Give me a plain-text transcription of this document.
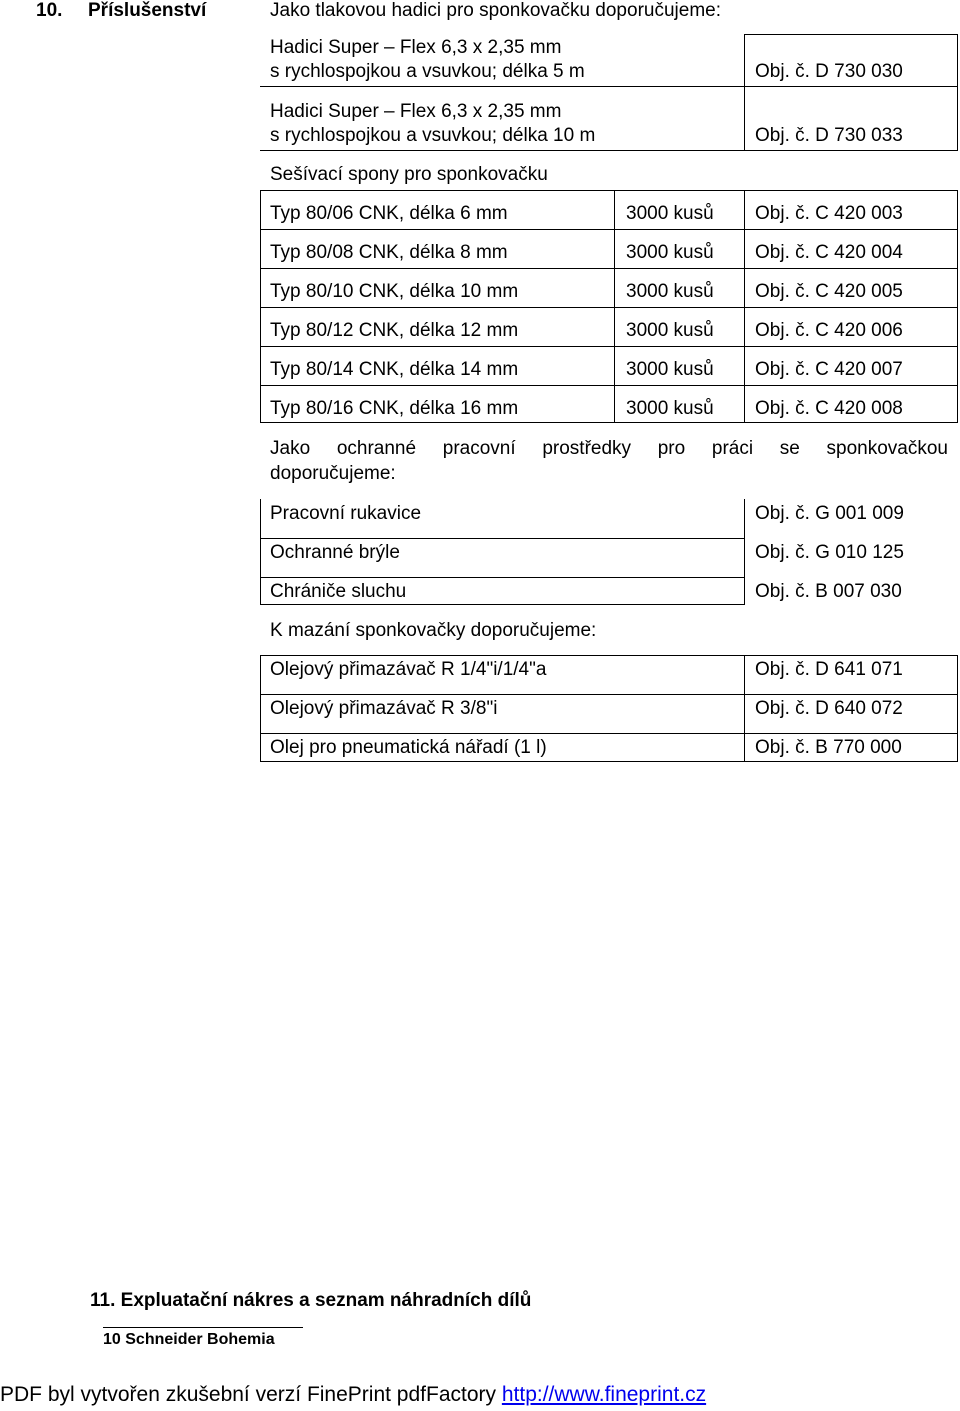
10. Příslušenství	Jako tlakovou hadici pro sponkovačku doporučujeme:
Hadici Super – Flex 6,3 x 2,35 mm
s rychlospojkou a vsuvkou; délka 5 m	Obj. č. D 730 030
Hadici Super – Flex 6,3 x 2,35 mm
s rychlospojkou a vsuvkou; délka 10 m	Obj. č. D 730 033
Sešívací spony pro sponkovačku
Typ 80/06 CNK, délka 6 mm	3000 kusů Obj. č. C 420 003
Typ 80/08 CNK, délka 8 mm	3000 kusů Obj. č. C 420 004
Typ 80/10 CNK, délka 10 mm	3000 kusů Obj. č. C 420 005
Typ 80/12 CNK, délka 12 mm	3000 kusů Obj. č. C 420 006
Typ 80/14 CNK, délka 14 mm	3000 kusů Obj. č. C 420 007
Typ 80/16 CNK, délka 16 mm	3000 kusů Obj. č. C 420 008
Jako ochranné pracovní prostředky pro práci se sponkovačkou
doporučujeme:
Pracovní rukavice	Obj. č. G 001 009
Ochranné brýle	Obj. č. G 010 125
Chrániče sluchu	Obj. č. B 007 030
K mazání sponkovačky doporučujeme:
Olejový přimazávač R 1/4"i/1/4"a	Obj. č. D 641 071
Olejový přimazávač R 3/8"i	Obj. č. D 640 072
Olej pro pneumatická nářadí (1 l)	Obj. č. B 770 000
11. Expluatační nákres a seznam náhradních dílů
10 Schneider Bohemia
PDF byl vytvořen zkušební verzí FinePrint pdfFactory http://www.fineprint.cz
